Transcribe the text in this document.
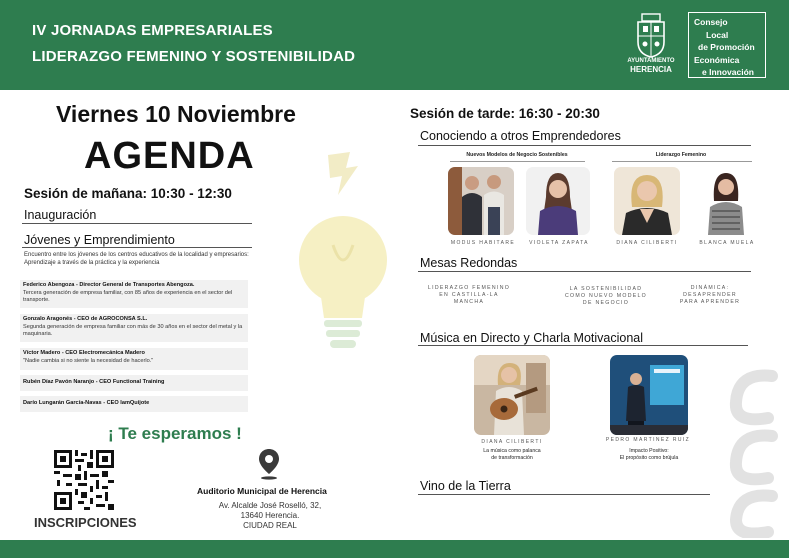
IV JORNADAS EMPRESARIALES
LIDERAZGO FEMENINO Y SOSTENIBILIDAD	AYUNTAMIENTO
HERENCIA
Consejo
Local
de Promoción
Económica
e Innovación
Viernes 10 Noviembre
AGENDA
Sesión de mañana: 10:30 - 12:30
Inauguración
Jóvenes y Emprendimiento
Encuentro entre los jóvenes de los centros educativos de la localidad y empresarios: Aprendizaje a través de la práctica y la experiencia
Federico Abengoza - Director General de Transportes Abengoza.
Tercera generación de empresa familiar, con 85 años de experiencia en el sector del transporte.
Gonzalo Aragonés - CEO de AGROCONSA S.L.
Segunda generación de empresa familiar con más de 30 años en el sector del metal y la maquinaria.
Víctor Madero - CEO Electromecánica Madero
"Nadie cambia si no siente la necesidad de hacerlo."
Rubén Díaz Pavón Naranjo - CEO Functional Training
Darío Lungarán García-Navas - CEO IamQuijote
¡ Te esperamos !
INSCRIPCIONES
Auditorio Municipal de Herencia
Av. Alcalde José Roselló, 32,
13640 Herencia.
CIUDAD REAL
Sesión de tarde: 16:30 - 20:30
Conociendo a otros Emprendedores
Nuevos Modelos de Negocio Sostenibles	Liderazgo Femenino
MODUS HABITARE	VIOLETA ZAPATA	DIANA CILIBERTI	BLANCA MUELA
Mesas Redondas
LIDERAZGO FEMENINO
EN CASTILLA-LA
MANCHA
LA SOSTENIBILIDAD
COMO NUEVO MODELO
DE NEGOCIO
DINÁMICA:
DESAPRENDER
PARA APRENDER
Música en Directo y Charla Motivacional
DIANA CILIBERTI
La música como palanca
de transformación
PEDRO MARTINEZ RUIZ
Impacto Positivo:
El propósito como brújula
Vino de la Tierra
